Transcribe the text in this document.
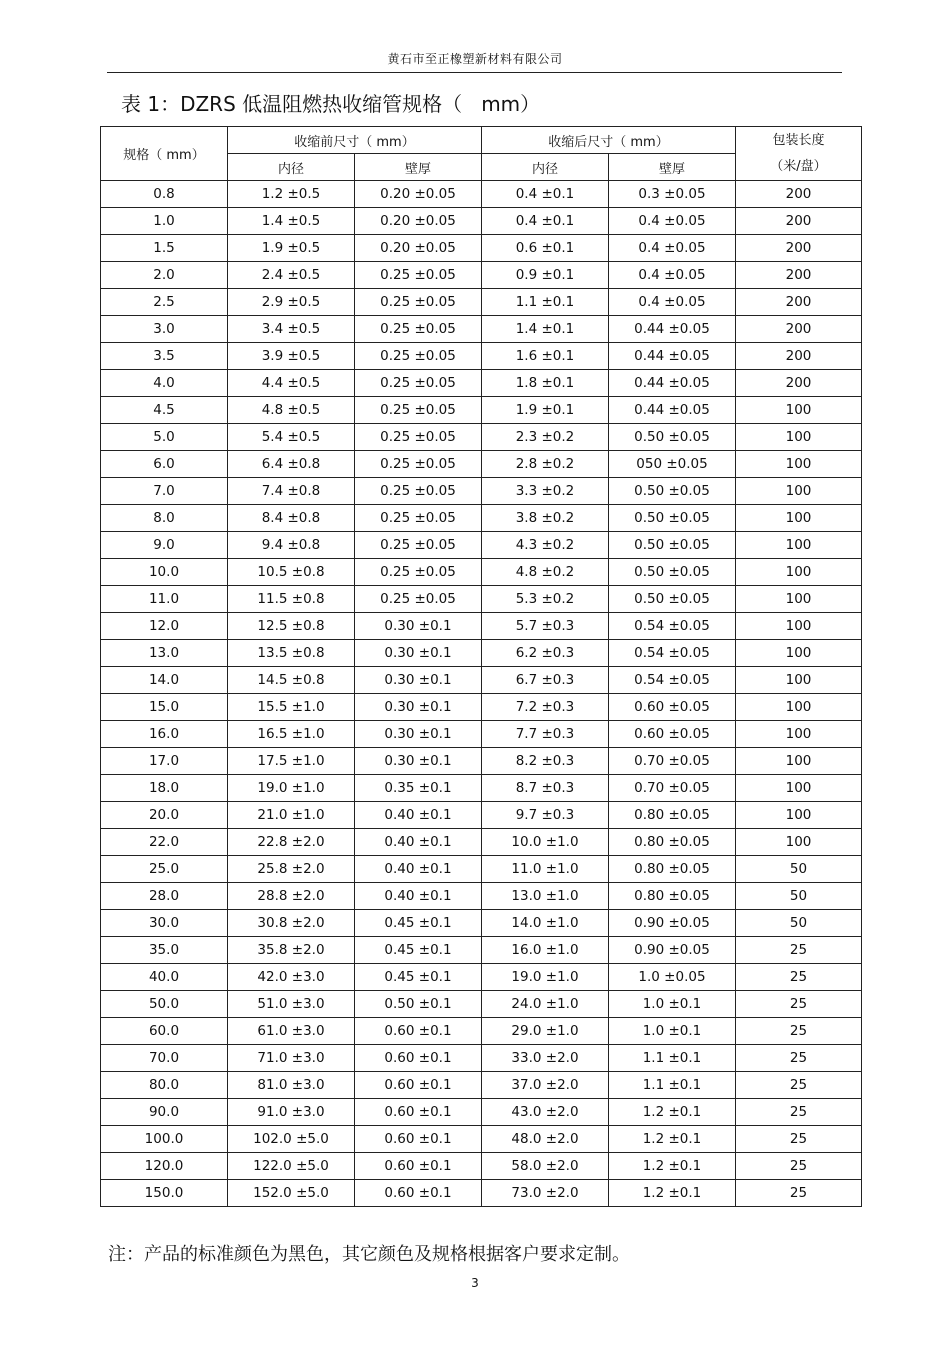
黄石市至正橡塑新材料有限公司
表 1：DZRS 低温阻燃热收缩管规格（   mm）
规格（ mm）	收缩前尺寸（ mm）		收缩后尺寸（ mm）		包装长度
（米/盘）
	内径	壁厚	内径	壁厚	
0.8	1.2 ±0.5	0.20 ±0.05	0.4 ±0.1	0.3 ±0.05	200
1.0	1.4 ±0.5	0.20 ±0.05	0.4 ±0.1	0.4 ±0.05	200
1.5	1.9 ±0.5	0.20 ±0.05	0.6 ±0.1	0.4 ±0.05	200
2.0	2.4 ±0.5	0.25 ±0.05	0.9 ±0.1	0.4 ±0.05	200
2.5	2.9 ±0.5	0.25 ±0.05	1.1 ±0.1	0.4 ±0.05	200
3.0	3.4 ±0.5	0.25 ±0.05	1.4 ±0.1	0.44 ±0.05	200
3.5	3.9 ±0.5	0.25 ±0.05	1.6 ±0.1	0.44 ±0.05	200
4.0	4.4 ±0.5	0.25 ±0.05	1.8 ±0.1	0.44 ±0.05	200
4.5	4.8 ±0.5	0.25 ±0.05	1.9 ±0.1	0.44 ±0.05	100
5.0	5.4 ±0.5	0.25 ±0.05	2.3 ±0.2	0.50 ±0.05	100
6.0	6.4 ±0.8	0.25 ±0.05	2.8 ±0.2	050 ±0.05	100
7.0	7.4 ±0.8	0.25 ±0.05	3.3 ±0.2	0.50 ±0.05	100
8.0	8.4 ±0.8	0.25 ±0.05	3.8 ±0.2	0.50 ±0.05	100
9.0	9.4 ±0.8	0.25 ±0.05	4.3 ±0.2	0.50 ±0.05	100
10.0	10.5 ±0.8	0.25 ±0.05	4.8 ±0.2	0.50 ±0.05	100
11.0	11.5 ±0.8	0.25 ±0.05	5.3 ±0.2	0.50 ±0.05	100
12.0	12.5 ±0.8	0.30 ±0.1	5.7 ±0.3	0.54 ±0.05	100
13.0	13.5 ±0.8	0.30 ±0.1	6.2 ±0.3	0.54 ±0.05	100
14.0	14.5 ±0.8	0.30 ±0.1	6.7 ±0.3	0.54 ±0.05	100
15.0	15.5 ±1.0	0.30 ±0.1	7.2 ±0.3	0.60 ±0.05	100
16.0	16.5 ±1.0	0.30 ±0.1	7.7 ±0.3	0.60 ±0.05	100
17.0	17.5 ±1.0	0.30 ±0.1	8.2 ±0.3	0.70 ±0.05	100
18.0	19.0 ±1.0	0.35 ±0.1	8.7 ±0.3	0.70 ±0.05	100
20.0	21.0 ±1.0	0.40 ±0.1	9.7 ±0.3	0.80 ±0.05	100
22.0	22.8 ±2.0	0.40 ±0.1	10.0 ±1.0	0.80 ±0.05	100
25.0	25.8 ±2.0	0.40 ±0.1	11.0 ±1.0	0.80 ±0.05	50
28.0	28.8 ±2.0	0.40 ±0.1	13.0 ±1.0	0.80 ±0.05	50
30.0	30.8 ±2.0	0.45 ±0.1	14.0 ±1.0	0.90 ±0.05	50
35.0	35.8 ±2.0	0.45 ±0.1	16.0 ±1.0	0.90 ±0.05	25
40.0	42.0 ±3.0	0.45 ±0.1	19.0 ±1.0	1.0 ±0.05	25
50.0	51.0 ±3.0	0.50 ±0.1	24.0 ±1.0	1.0 ±0.1	25
60.0	61.0 ±3.0	0.60 ±0.1	29.0 ±1.0	1.0 ±0.1	25
70.0	71.0 ±3.0	0.60 ±0.1	33.0 ±2.0	1.1 ±0.1	25
80.0	81.0 ±3.0	0.60 ±0.1	37.0 ±2.0	1.1 ±0.1	25
90.0	91.0 ±3.0	0.60 ±0.1	43.0 ±2.0	1.2 ±0.1	25
100.0	102.0 ±5.0	0.60 ±0.1	48.0 ±2.0	1.2 ±0.1	25
120.0	122.0 ±5.0	0.60 ±0.1	58.0 ±2.0	1.2 ±0.1	25
150.0	152.0 ±5.0	0.60 ±0.1	73.0 ±2.0	1.2 ±0.1	25
注：产品的标准颜色为黑色，其它颜色及规格根据客户要求定制。
3
